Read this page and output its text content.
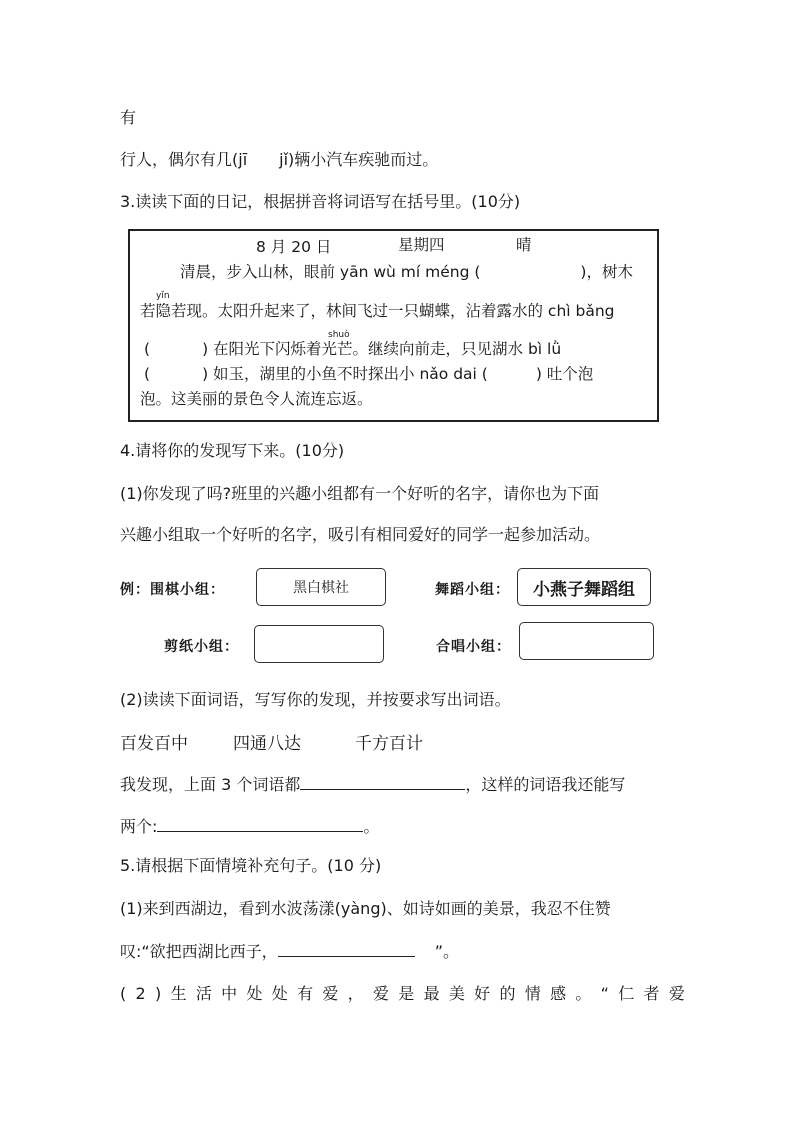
有
行人，偶尔有几(jī　　jǐ)辆小汽车疾驰而过。
3.读读下面的日记，根据拼音将词语写在括号里。(10分)
8 月 20 日	星期四	晴
清晨，步入山林，眼前 yān wù mí méng (	)，树木
yǐn
若隐若现。太阳升起来了，林间飞过一只蝴蝶，沾着露水的 chì bǎng
shuò
(	) 在阳光下闪烁着光芒。继续向前走，只见湖水 bì lǜ
(	) 如玉，湖里的小鱼不时探出小 nǎo dai (	) 吐个泡
泡。这美丽的景色令人流连忘返。
4.请将你的发现写下来。(10分)
(1)你发现了吗?班里的兴趣小组都有一个好听的名字，请你也为下面
兴趣小组取一个好听的名字，吸引有相同爱好的同学一起参加活动。
例：围棋小组：	黑白棋社	舞蹈小组： 小燕子舞蹈组
剪纸小组：	合唱小组：
(2)读读下面词语，写写你的发现，并按要求写出词语。
百发百中	四通八达	千方百计
我发现，上面 3 个词语都	，这样的词语我还能写
两个:	。
5.请根据下面情境补充句子。(10 分)
(1)来到西湖边，看到水波荡漾(yàng)、如诗如画的美景，我忍不住赞
叹:“欲把西湖比西子，	”。
(2)生活中处处有爱，爱是最美好的情感。“仁者爱
